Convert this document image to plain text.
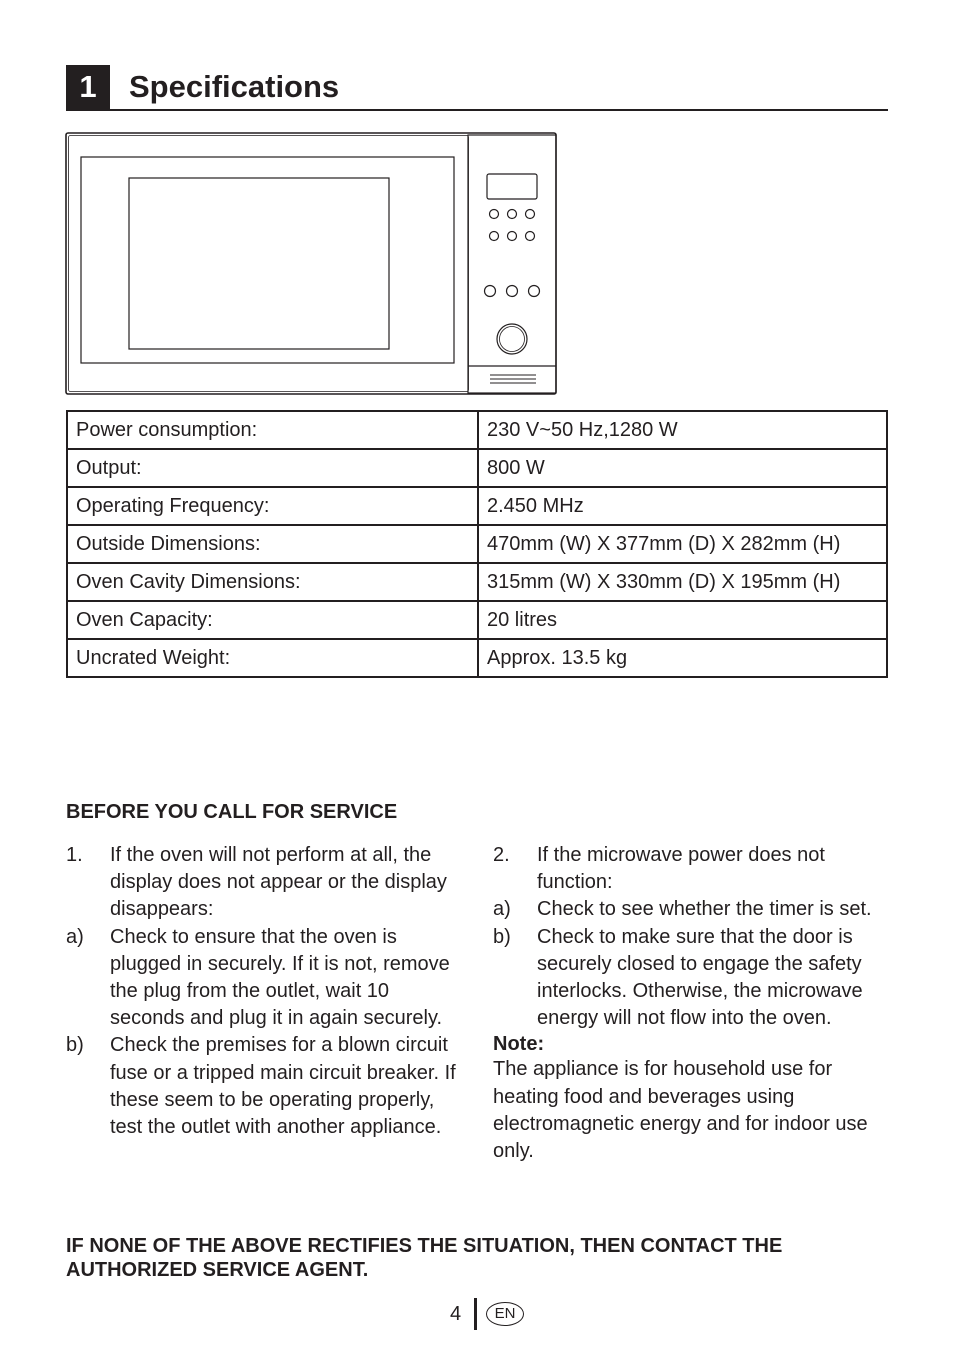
1	Specifications
Power consumption:	230 V~50 Hz,1280 W
Output:	800 W
Operating Frequency:	2.450 MHz
Outside Dimensions:	470mm (W) X 377mm (D) X 282mm (H)
Oven Cavity Dimensions:	315mm (W) X 330mm (D) X 195mm (H)
Oven Capacity:	20 litres
Uncrated Weight:	Approx. 13.5 kg
BEFORE YOU CALL FOR SERVICE
1. If the oven will not perform at all, the display does not appear or the display disappears:
a) Check to ensure that the oven is plugged in securely. If it is not, remove the plug from the outlet, wait 10 seconds and plug it in again securely.
b) Check the premises for a blown circuit fuse or a tripped main circuit breaker. If these seem to be operating properly, test the outlet with another appliance.
2. If the microwave power does not function:
a) Check to see whether the timer is set.
b) Check to make sure that the door is securely closed to engage the safety interlocks. Otherwise, the microwave energy will not flow into the oven.
Note:
The appliance is for household use for heating food and beverages using electromagnetic energy and for indoor use only.
IF NONE OF THE ABOVE RECTIFIES THE SITUATION, THEN CONTACT THE AUTHORIZED SERVICE AGENT.
4	EN
